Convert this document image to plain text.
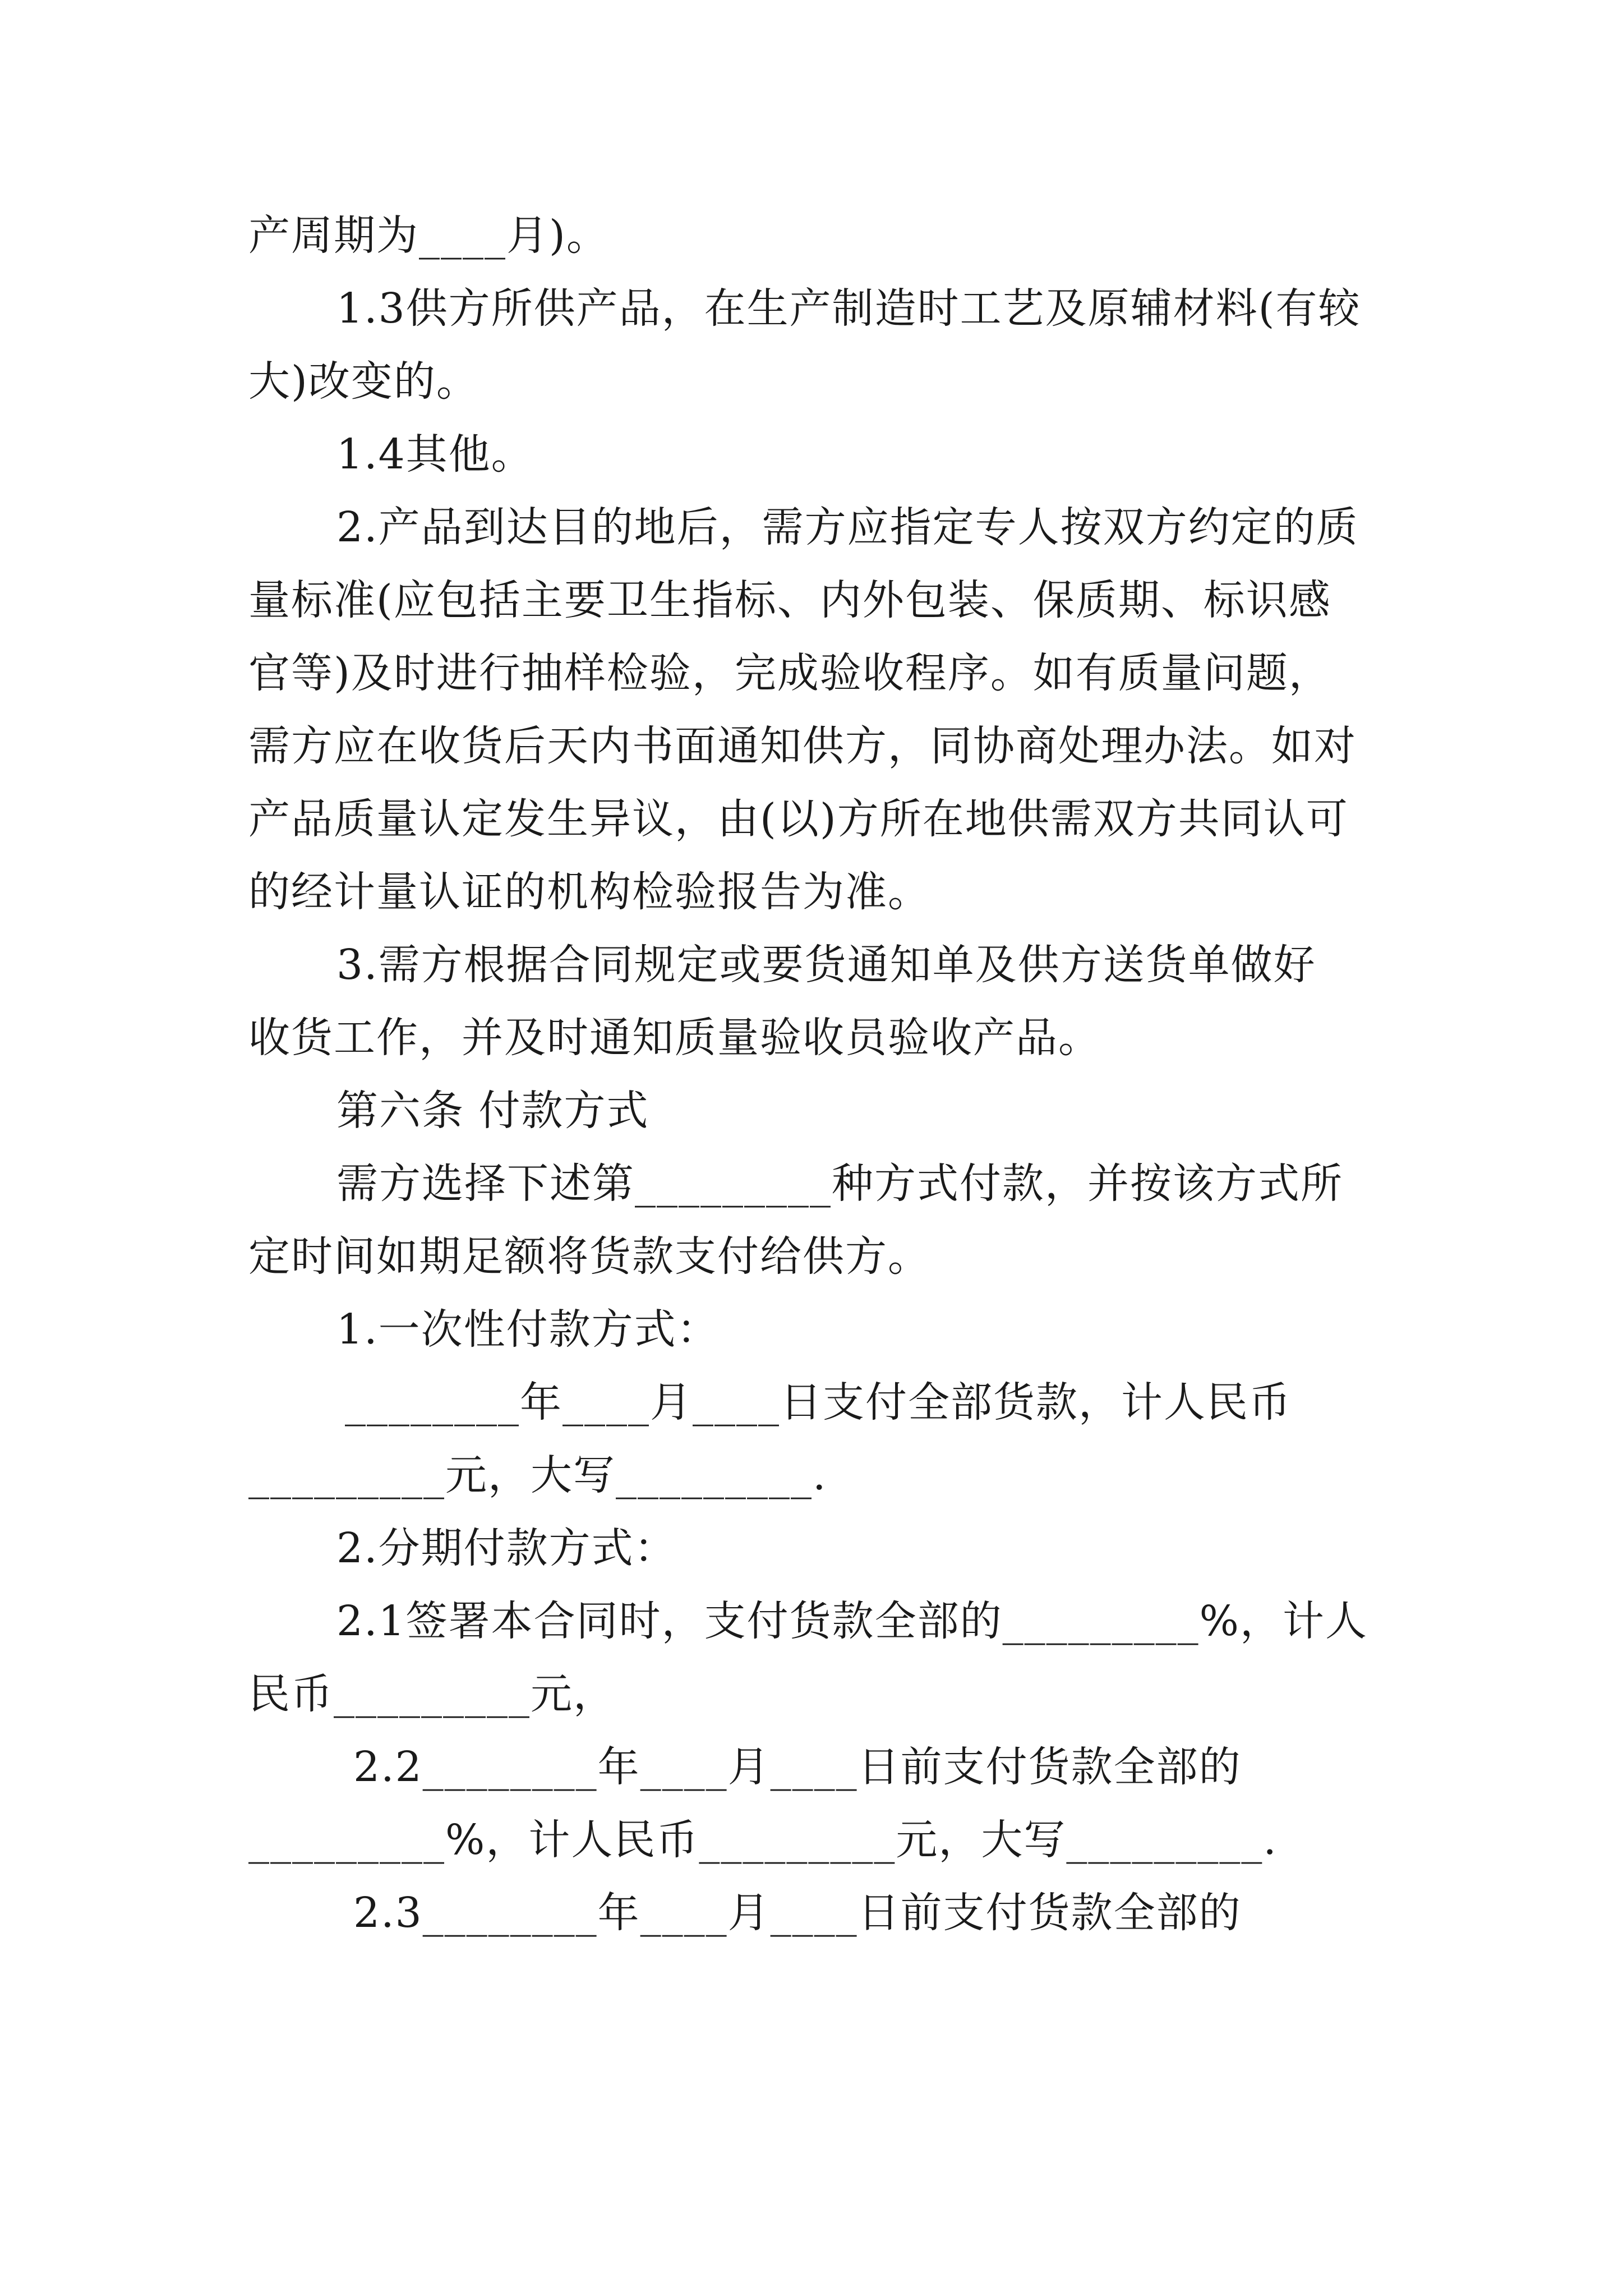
产周期为____月)。
1.3供方所供产品，在生产制造时工艺及原辅材料(有较
大)改变的。
1.4其他。
2.产品到达目的地后，需方应指定专人按双方约定的质
量标准(应包括主要卫生指标、内外包装、保质期、标识感
官等)及时进行抽样检验，完成验收程序。如有质量问题，
需方应在收货后天内书面通知供方，同协商处理办法。如对
产品质量认定发生异议，由(以)方所在地供需双方共同认可
的经计量认证的机构检验报告为准。
3.需方根据合同规定或要货通知单及供方送货单做好
收货工作，并及时通知质量验收员验收产品。
第六条 付款方式
需方选择下述第_________种方式付款，并按该方式所
定时间如期足额将货款支付给供方。
1.一次性付款方式：
________年____月____日支付全部货款，计人民币
_________元，大写_________.
2.分期付款方式：
2.1签署本合同时，支付货款全部的_________%，计人
民币_________元，
2.2________年____月____日前支付货款全部的
_________%，计人民币_________元，大写_________.
2.3________年____月____日前支付货款全部的
